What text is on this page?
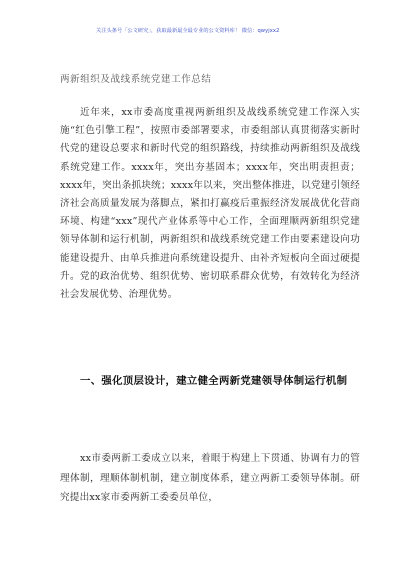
关注头条号「公文研究」，获取最新最全最专业的公文资料库！ 微信：qwyjxx2
两新组织及战线系统党建工作总结
近年来，xx市委高度重视两新组织及战线系统党建工作深入实施“红色引擎工程”，按照市委部署要求，市委组部认真贯彻落实新时代党的建设总要求和新时代党的组织路线，持续推动两新组织及战线系统党建工作。xxxx年，突出夯基固本；xxxx年，突出明责担责；xxxx年，突出条抓块统；xxxx年以来，突出整体推进，以党建引领经济社会高质量发展为落脚点，紧扣打赢疫后重振经济发展战优化营商环境、构建“xxx”现代产业体系等中心工作，全面理顺两新组织党建领导体制和运行机制，两新组织和战线系统党建工作由要素建设向功能建设提升、由单兵推进向系统建设提升、由补齐短板向全面过硬提升。党的政治优势、组织优势、密切联系群众优势，有效转化为经济社会发展优势、治理优势。
一、强化顶层设计，建立健全两新党建领导体制运行机制
xx市委两新工委成立以来，着眼于构建上下贯通、协调有力的管理体制，理顺体制机制，建立制度体系，建立两新工委领导体制。研究提出xx家市委两新工委委员单位，
